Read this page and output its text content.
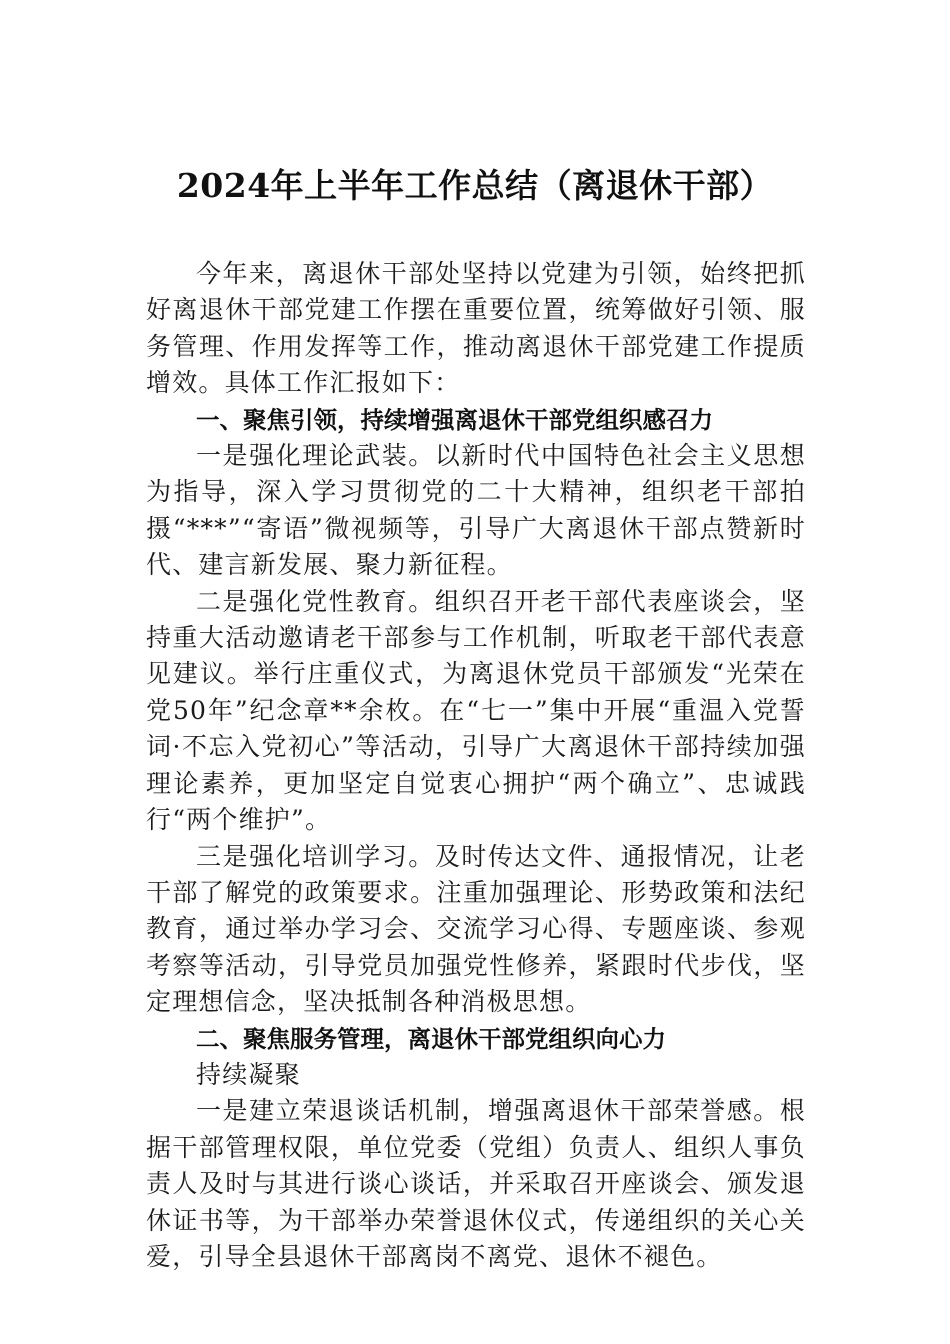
2024年上半年工作总结（离退休干部）

今年来，离退休干部处坚持以党建为引领，始终把抓好离退休干部党建工作摆在重要位置，统筹做好引领、服务管理、作用发挥等工作，推动离退休干部党建工作提质增效。具体工作汇报如下：

一、聚焦引领，持续增强离退休干部党组织感召力

一是强化理论武装。以新时代中国特色社会主义思想为指导，深入学习贯彻党的二十大精神，组织老干部拍摄“***”“寄语”微视频等，引导广大离退休干部点赞新时代、建言新发展、聚力新征程。

二是强化党性教育。组织召开老干部代表座谈会，坚持重大活动邀请老干部参与工作机制，听取老干部代表意见建议。举行庄重仪式，为离退休党员干部颁发“光荣在党50年”纪念章**余枚。在“七一”集中开展“重温入党誓词·不忘入党初心”等活动，引导广大离退休干部持续加强理论素养，更加坚定自觉衷心拥护“两个确立”、忠诚践行“两个维护”。

三是强化培训学习。及时传达文件、通报情况，让老干部了解党的政策要求。注重加强理论、形势政策和法纪教育，通过举办学习会、交流学习心得、专题座谈、参观考察等活动，引导党员加强党性修养，紧跟时代步伐，坚定理想信念，坚决抵制各种消极思想。

二、聚焦服务管理，离退休干部党组织向心力

持续凝聚

一是建立荣退谈话机制，增强离退休干部荣誉感。根据干部管理权限，单位党委（党组）负责人、组织人事负责人及时与其进行谈心谈话，并采取召开座谈会、颁发退休证书等，为干部举办荣誉退休仪式，传递组织的关心关爱，引导全县退休干部离岗不离党、退休不褪色。
